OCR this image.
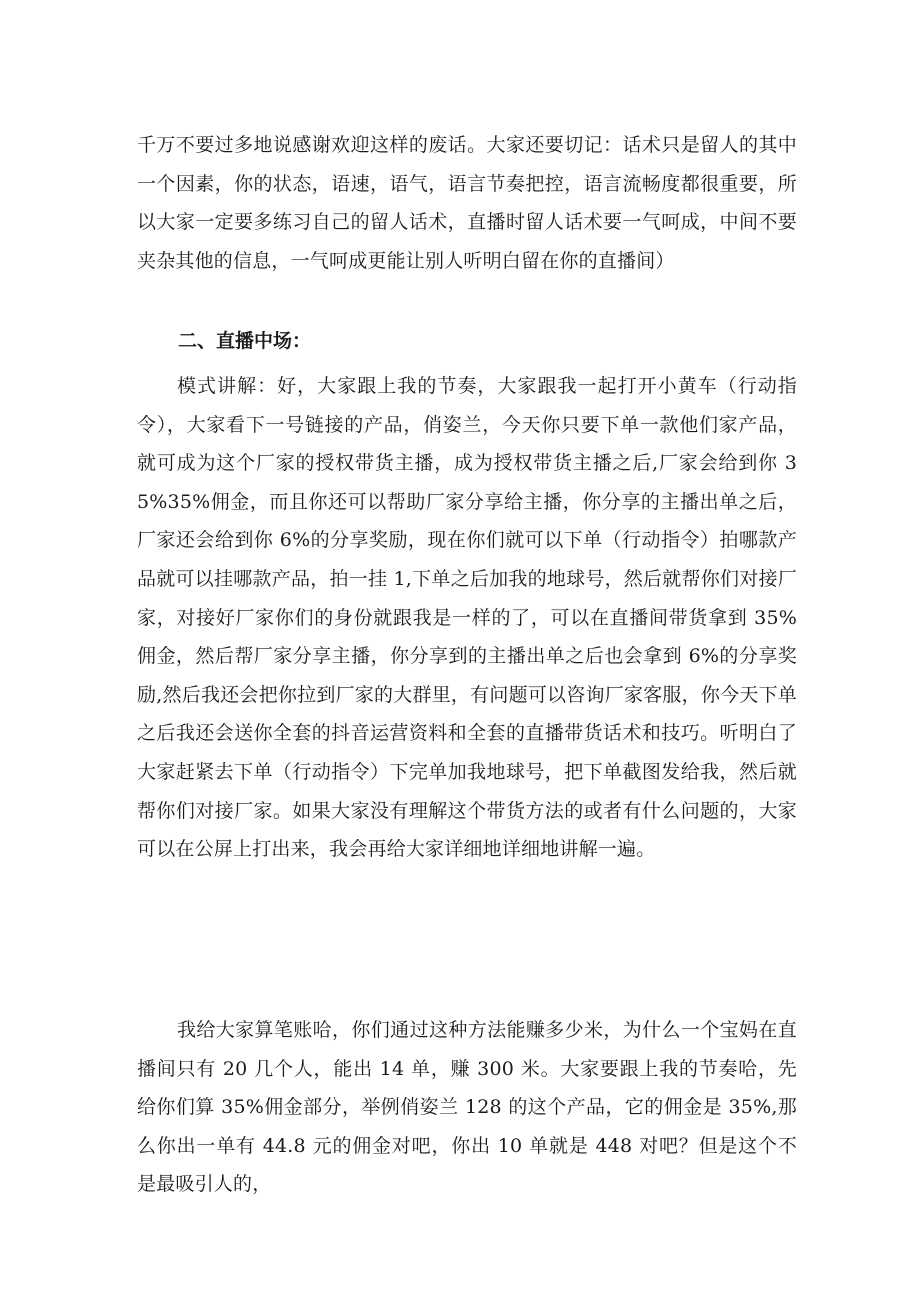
千万不要过多地说感谢欢迎这样的废话。大家还要切记：话术只是留人的其中一个因素，你的状态，语速，语气，语言节奏把控，语言流畅度都很重要，所以大家一定要多练习自己的留人话术，直播时留人话术要一气呵成，中间不要夹杂其他的信息，一气呵成更能让别人听明白留在你的直播间）

二、直播中场：

模式讲解：好，大家跟上我的节奏，大家跟我一起打开小黄车（行动指令），大家看下一号链接的产品，俏姿兰，今天你只要下单一款他们家产品，就可成为这个厂家的授权带货主播，成为授权带货主播之后,厂家会给到你 35%35%佣金，而且你还可以帮助厂家分享给主播，你分享的主播出单之后，厂家还会给到你 6%的分享奖励，现在你们就可以下单（行动指令）拍哪款产品就可以挂哪款产品，拍一挂 1,下单之后加我的地球号，然后就帮你们对接厂家，对接好厂家你们的身份就跟我是一样的了，可以在直播间带货拿到 35%佣金，然后帮厂家分享主播，你分享到的主播出单之后也会拿到 6%的分享奖励,然后我还会把你拉到厂家的大群里，有问题可以咨询厂家客服，你今天下单之后我还会送你全套的抖音运营资料和全套的直播带货话术和技巧。听明白了大家赶紧去下单（行动指令）下完单加我地球号，把下单截图发给我，然后就帮你们对接厂家。如果大家没有理解这个带货方法的或者有什么问题的，大家可以在公屏上打出来，我会再给大家详细地详细地讲解一遍。

我给大家算笔账哈，你们通过这种方法能赚多少米，为什么一个宝妈在直播间只有 20 几个人，能出 14 单，赚 300 米。大家要跟上我的节奏哈，先给你们算 35%佣金部分，举例俏姿兰 128 的这个产品，它的佣金是 35%,那么你出一单有 44.8 元的佣金对吧，你出 10 单就是 448 对吧？但是这个不是最吸引人的，
